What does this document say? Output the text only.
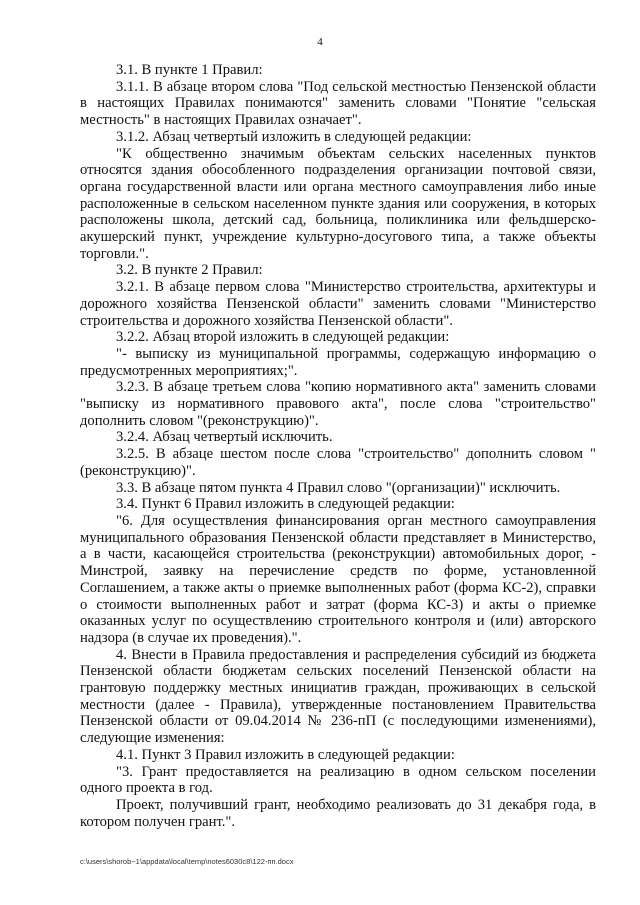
4

3.1. В пункте 1 Правил:

3.1.1. В абзаце втором слова "Под сельской местностью Пензенской области в настоящих Правилах понимаются" заменить словами "Понятие "сельская местность" в настоящих Правилах означает".

3.1.2. Абзац четвертый изложить в следующей редакции:

"К общественно значимым объектам сельских населенных пунктов относятся здания обособленного подразделения организации почтовой связи, органа государственной власти или органа местного самоуправления либо иные расположенные в сельском населенном пункте здания или сооружения, в которых расположены школа, детский сад, больница, поликлиника или фельдшерско-акушерский пункт, учреждение культурно-досугового типа, а также объекты торговли.".

3.2. В пункте 2 Правил:

3.2.1. В абзаце первом слова "Министерство строительства, архитектуры и дорожного хозяйства Пензенской области" заменить словами "Министерство строительства и дорожного хозяйства Пензенской области".

3.2.2. Абзац второй изложить в следующей редакции:

"- выписку из муниципальной программы, содержащую информацию о предусмотренных мероприятиях;".

3.2.3. В абзаце третьем слова "копию нормативного акта" заменить словами "выписку из нормативного правового акта", после слова "строительство" дополнить словом "(реконструкцию)".

3.2.4. Абзац четвертый исключить.

3.2.5. В абзаце шестом после слова "строительство" дополнить словом "(реконструкцию)".

3.3. В абзаце пятом пункта 4 Правил слово "(организации)" исключить.

3.4. Пункт 6 Правил изложить в следующей редакции:

"6. Для осуществления финансирования орган местного самоуправления муниципального образования Пензенской области представляет в Министерство, а в части, касающейся строительства (реконструкции) автомобильных дорог, - Минстрой, заявку на перечисление средств по форме, установленной Соглашением, а также акты о приемке выполненных работ (форма КС-2), справки о стоимости выполненных работ и затрат (форма КС-3) и акты о приемке оказанных услуг по осуществлению строительного контроля и (или) авторского надзора (в случае их проведения).".

4. Внести в Правила предоставления и распределения субсидий из бюджета Пензенской области бюджетам сельских поселений Пензенской области на грантовую поддержку местных инициатив граждан, проживающих в сельской местности (далее - Правила), утвержденные постановлением Правительства Пензенской области от 09.04.2014 № 236-пП (с последующими изменениями), следующие изменения:

4.1. Пункт 3 Правил изложить в следующей редакции:

"3. Грант предоставляется на реализацию в одном сельском поселении одного проекта в год.

Проект, получивший грант, необходимо реализовать до 31 декабря года, в котором получен грант.".

c:\users\shorob~1\appdata\local\temp\notes6030c8\122-пп.docx
